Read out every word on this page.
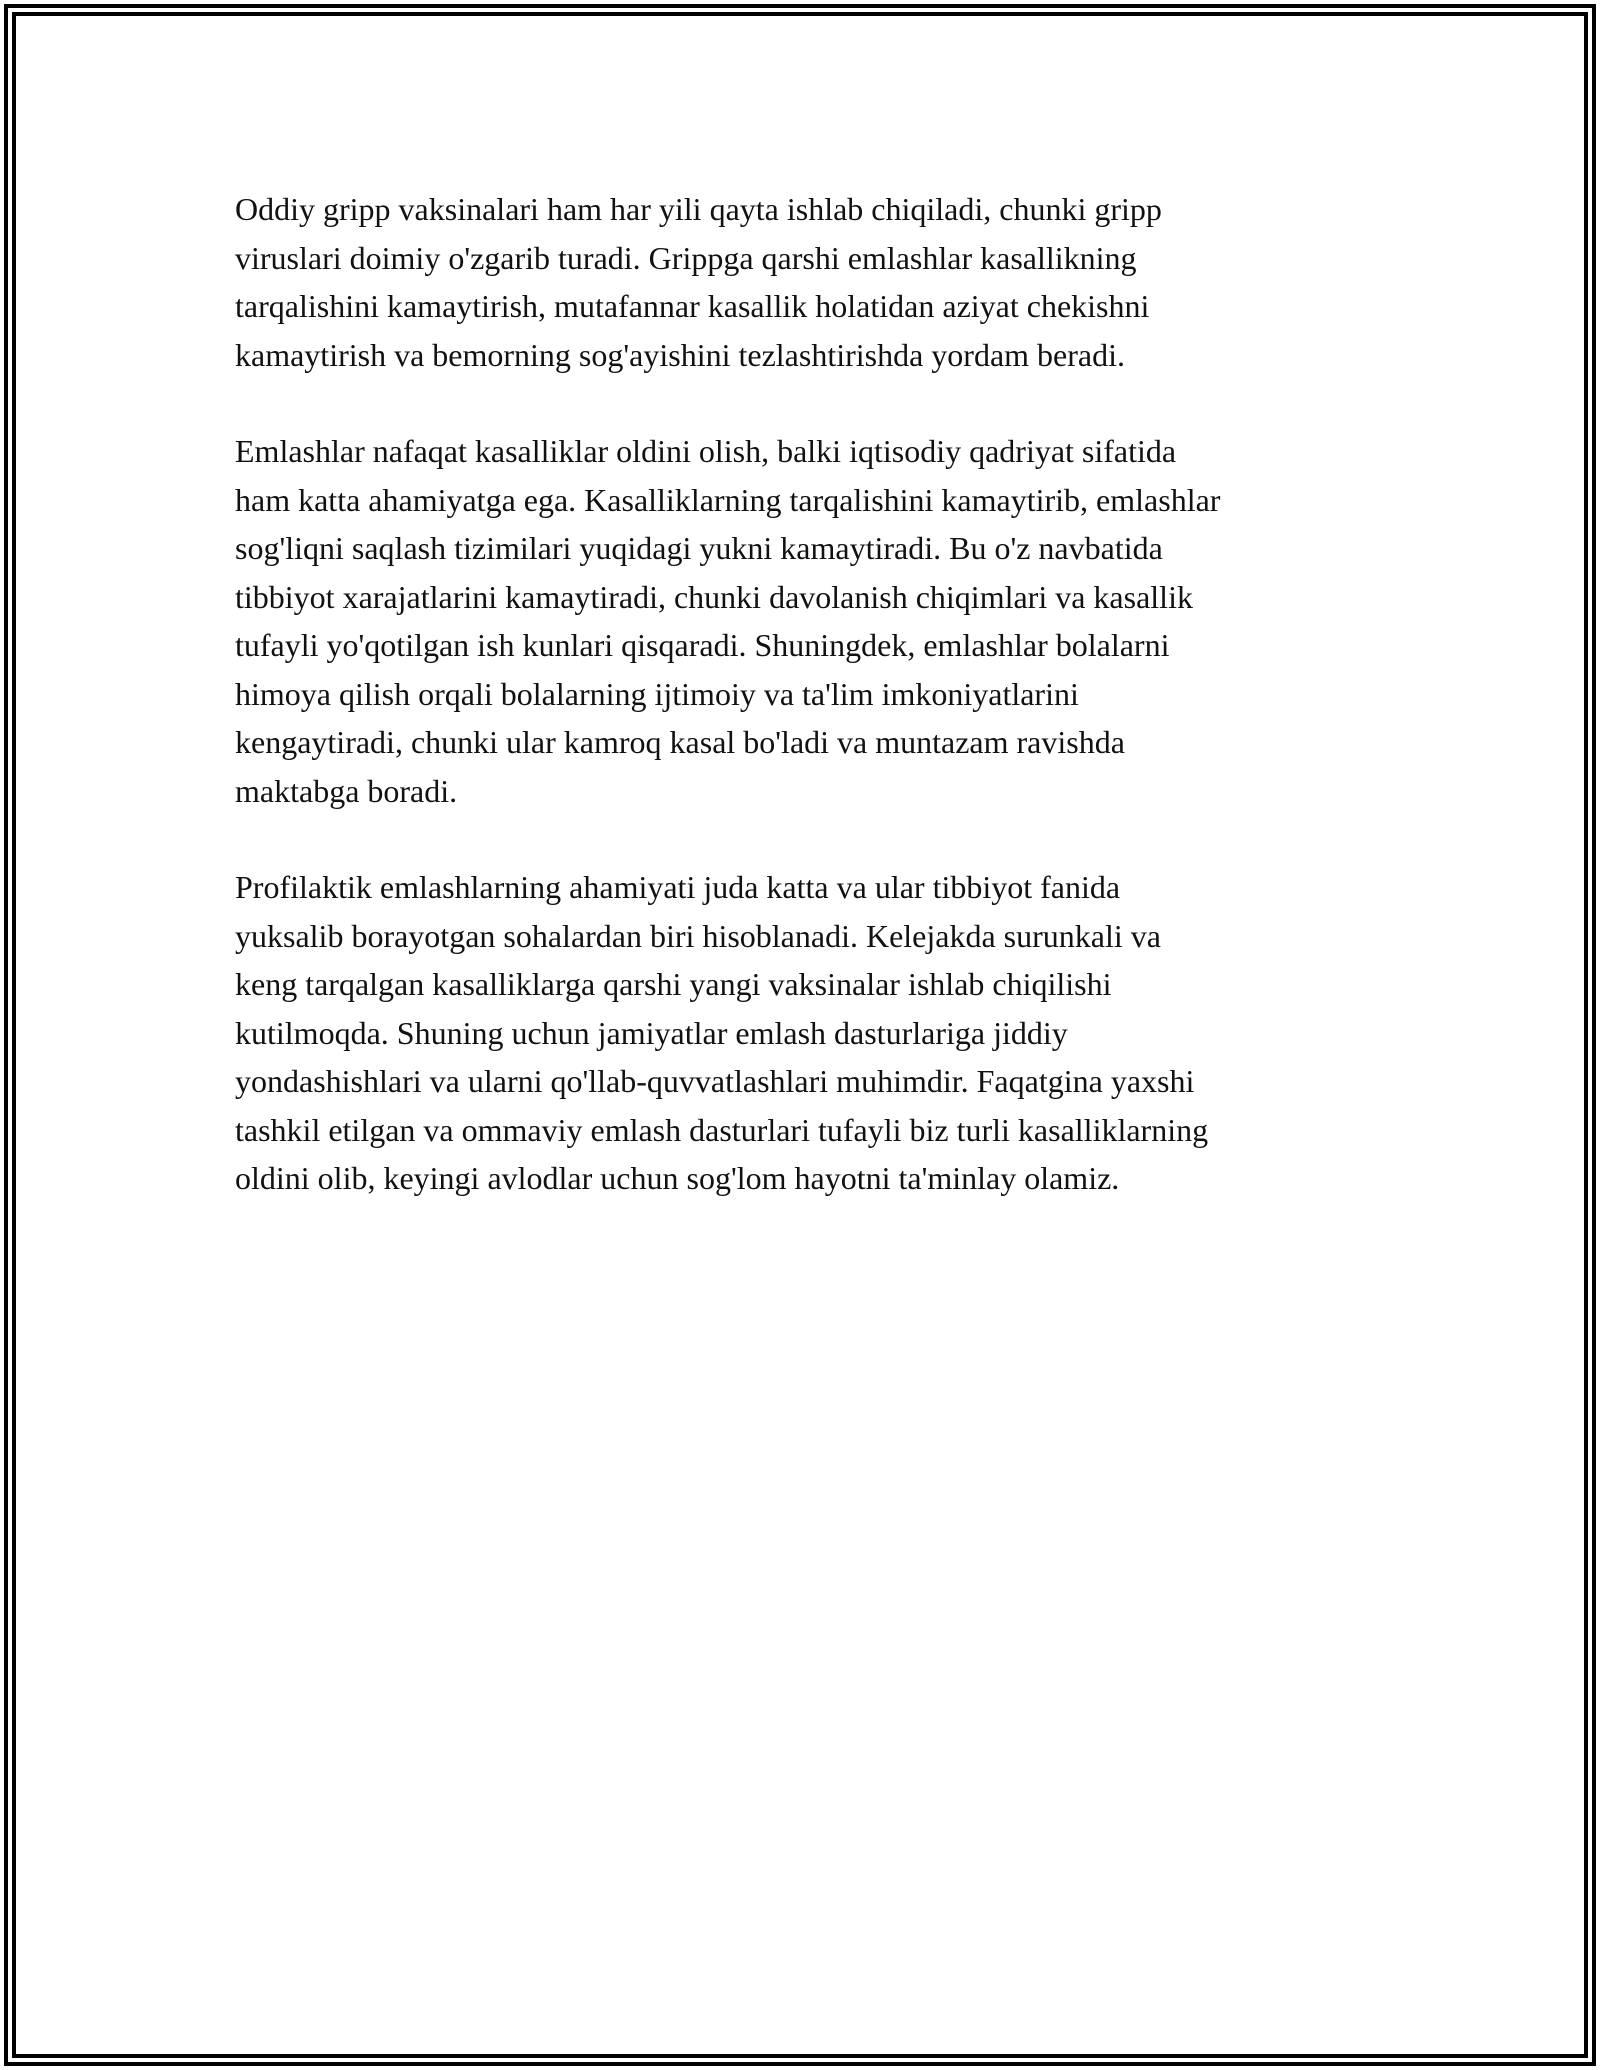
Oddiy gripp vaksinalari ham har yili qayta ishlab chiqiladi, chunki gripp
viruslari doimiy o'zgarib turadi. Grippga qarshi emlashlar kasallikning
tarqalishini kamaytirish, mutafannar kasallik holatidan aziyat chekishni
kamaytirish va bemorning sog'ayishini tezlashtirishda yordam beradi.

Emlashlar nafaqat kasalliklar oldini olish, balki iqtisodiy qadriyat sifatida
ham katta ahamiyatga ega. Kasalliklarning tarqalishini kamaytirib, emlashlar
sog'liqni saqlash tizimilari yuqidagi yukni kamaytiradi. Bu o'z navbatida
tibbiyot xarajatlarini kamaytiradi, chunki davolanish chiqimlari va kasallik
tufayli yo'qotilgan ish kunlari qisqaradi. Shuningdek, emlashlar bolalarni
himoya qilish orqali bolalarning ijtimoiy va ta'lim imkoniyatlarini
kengaytiradi, chunki ular kamroq kasal bo'ladi va muntazam ravishda
maktabga boradi.

Profilaktik emlashlarning ahamiyati juda katta va ular tibbiyot fanida
yuksalib borayotgan sohalardan biri hisoblanadi. Kelejakda surunkali va
keng tarqalgan kasalliklarga qarshi yangi vaksinalar ishlab chiqilishi
kutilmoqda. Shuning uchun jamiyatlar emlash dasturlariga jiddiy
yondashishlari va ularni qo'llab-quvvatlashlari muhimdir. Faqatgina yaxshi
tashkil etilgan va ommaviy emlash dasturlari tufayli biz turli kasalliklarning
oldini olib, keyingi avlodlar uchun sog'lom hayotni ta'minlay olamiz.
